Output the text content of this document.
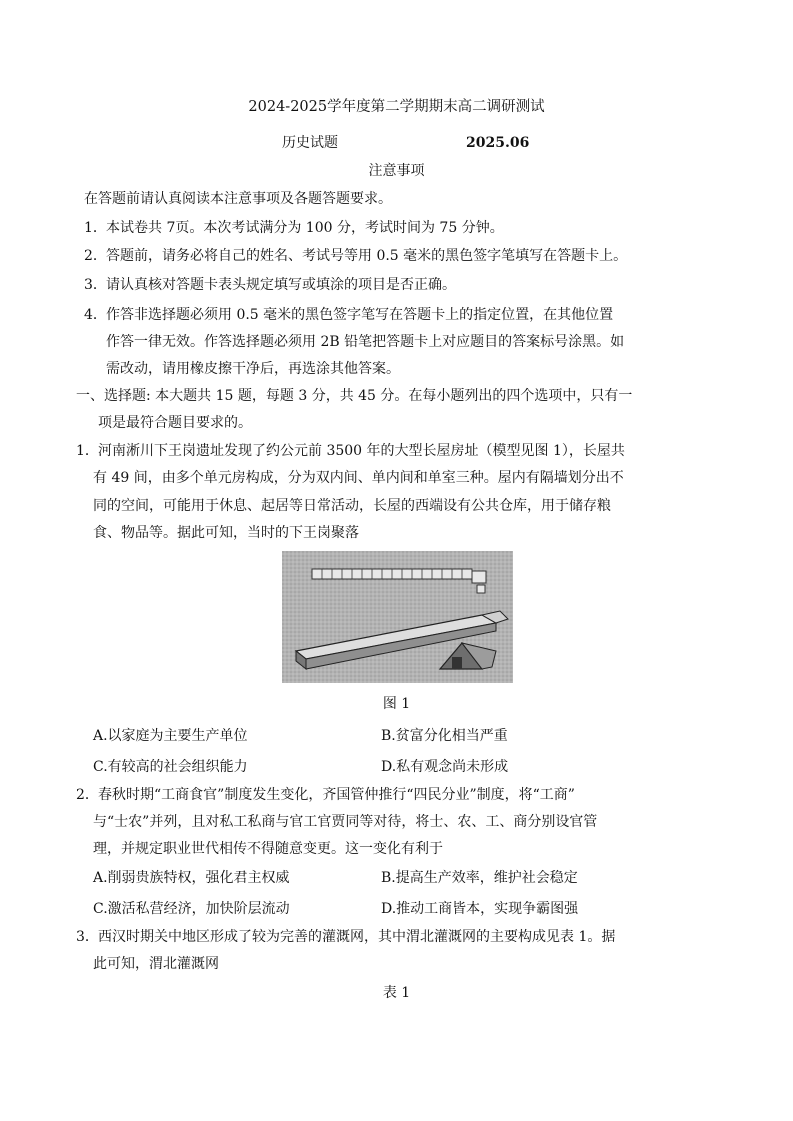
2024-2025学年度第二学期期末高二调研测试
历史试题	2025.06
注意事项
在答题前请认真阅读本注意事项及各题答题要求。
1． 本试卷共 7页。本次考试满分为 100 分，考试时间为 75 分钟。
2． 答题前，请务必将自己的姓名、考试号等用 0.5 毫米的黑色签字笔填写在答题卡上。
3． 请认真核对答题卡表头规定填写或填涂的项目是否正确。
4． 作答非选择题必须用 0.5 毫米的黑色签字笔写在答题卡上的指定位置，在其他位置
作答一律无效。作答选择题必须用 2B 铅笔把答题卡上对应题目的答案标号涂黑。如
需改动，请用橡皮擦干净后，再选涂其他答案。
一、选择题: 本大题共 15 题，每题 3 分，共 45 分。在每小题列出的四个选项中，只有一
项是最符合题目要求的。
1． 河南淅川下王岗遗址发现了约公元前 3500 年的大型长屋房址（模型见图 1），长屋共
有 49 间，由多个单元房构成，分为双内间、单内间和单室三种。屋内有隔墙划分出不
同的空间，可能用于休息、起居等日常活动，长屋的西端设有公共仓库，用于储存粮
食、物品等。据此可知，当时的下王岗聚落
图 1
A.以家庭为主要生产单位	B.贫富分化相当严重
C.有较高的社会组织能力	D.私有观念尚未形成
2． 春秋时期“工商食官”制度发生变化，齐国管仲推行“四民分业”制度，将“工商”
与“士农”并列，且对私工私商与官工官贾同等对待，将士、农、工、商分别设官管
理，并规定职业世代相传不得随意变更。这一变化有利于
A.削弱贵族特权，强化君主权威	B.提高生产效率，维护社会稳定
C.激活私营经济，加快阶层流动	D.推动工商皆本，实现争霸图强
3． 西汉时期关中地区形成了较为完善的灌溉网，其中渭北灌溉网的主要构成见表 1。据
此可知，渭北灌溉网
表 1
